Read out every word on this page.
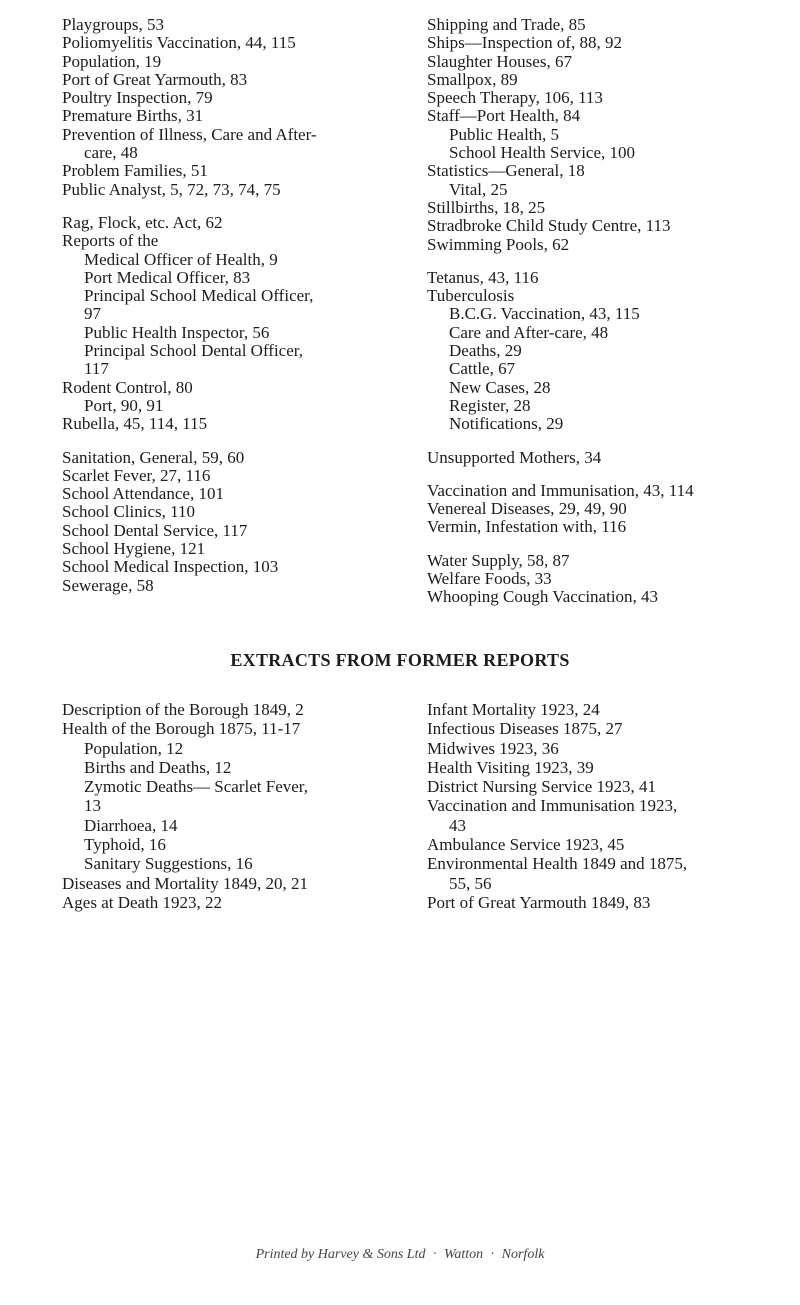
Playgroups, 53
Poliomyelitis Vaccination, 44, 115
Population, 19
Port of Great Yarmouth, 83
Poultry Inspection, 79
Premature Births, 31
Prevention of Illness, Care and After-
care, 48
Problem Families, 51
Public Analyst, 5, 72, 73, 74, 75
Rag, Flock, etc. Act, 62
Reports of the
Medical Officer of Health, 9
Port Medical Officer, 83
Principal School Medical Officer,
97
Public Health Inspector, 56
Principal School Dental Officer,
117
Rodent Control, 80
Port, 90, 91
Rubella, 45, 114, 115
Sanitation, General, 59, 60
Scarlet Fever, 27, 116
School Attendance, 101
School Clinics, 110
School Dental Service, 117
School Hygiene, 121
School Medical Inspection, 103
Sewerage, 58
Shipping and Trade, 85
Ships—Inspection of, 88, 92
Slaughter Houses, 67
Smallpox, 89
Speech Therapy, 106, 113
Staff—Port Health, 84
Public Health, 5
School Health Service, 100
Statistics—General, 18
Vital, 25
Stillbirths, 18, 25
Stradbroke Child Study Centre, 113
Swimming Pools, 62
Tetanus, 43, 116
Tuberculosis
B.C.G. Vaccination, 43, 115
Care and After-care, 48
Deaths, 29
Cattle, 67
New Cases, 28
Register, 28
Notifications, 29
Unsupported Mothers, 34
Vaccination and Immunisation, 43, 114
Venereal Diseases, 29, 49, 90
Vermin, Infestation with, 116
Water Supply, 58, 87
Welfare Foods, 33
Whooping Cough Vaccination, 43
EXTRACTS FROM FORMER REPORTS
Description of the Borough 1849, 2
Health of the Borough 1875, 11-17
Population, 12
Births and Deaths, 12
Zymotic Deaths— Scarlet Fever,
13
Diarrhoea, 14
Typhoid, 16
Sanitary Suggestions, 16
Diseases and Mortality 1849, 20, 21
Ages at Death 1923, 22
Infant Mortality 1923, 24
Infectious Diseases 1875, 27
Midwives 1923, 36
Health Visiting 1923, 39
District Nursing Service 1923, 41
Vaccination and Immunisation 1923,
43
Ambulance Service 1923, 45
Environmental Health 1849 and 1875,
55, 56
Port of Great Yarmouth 1849, 83
Printed by Harvey & Sons Ltd · Watton · Norfolk
